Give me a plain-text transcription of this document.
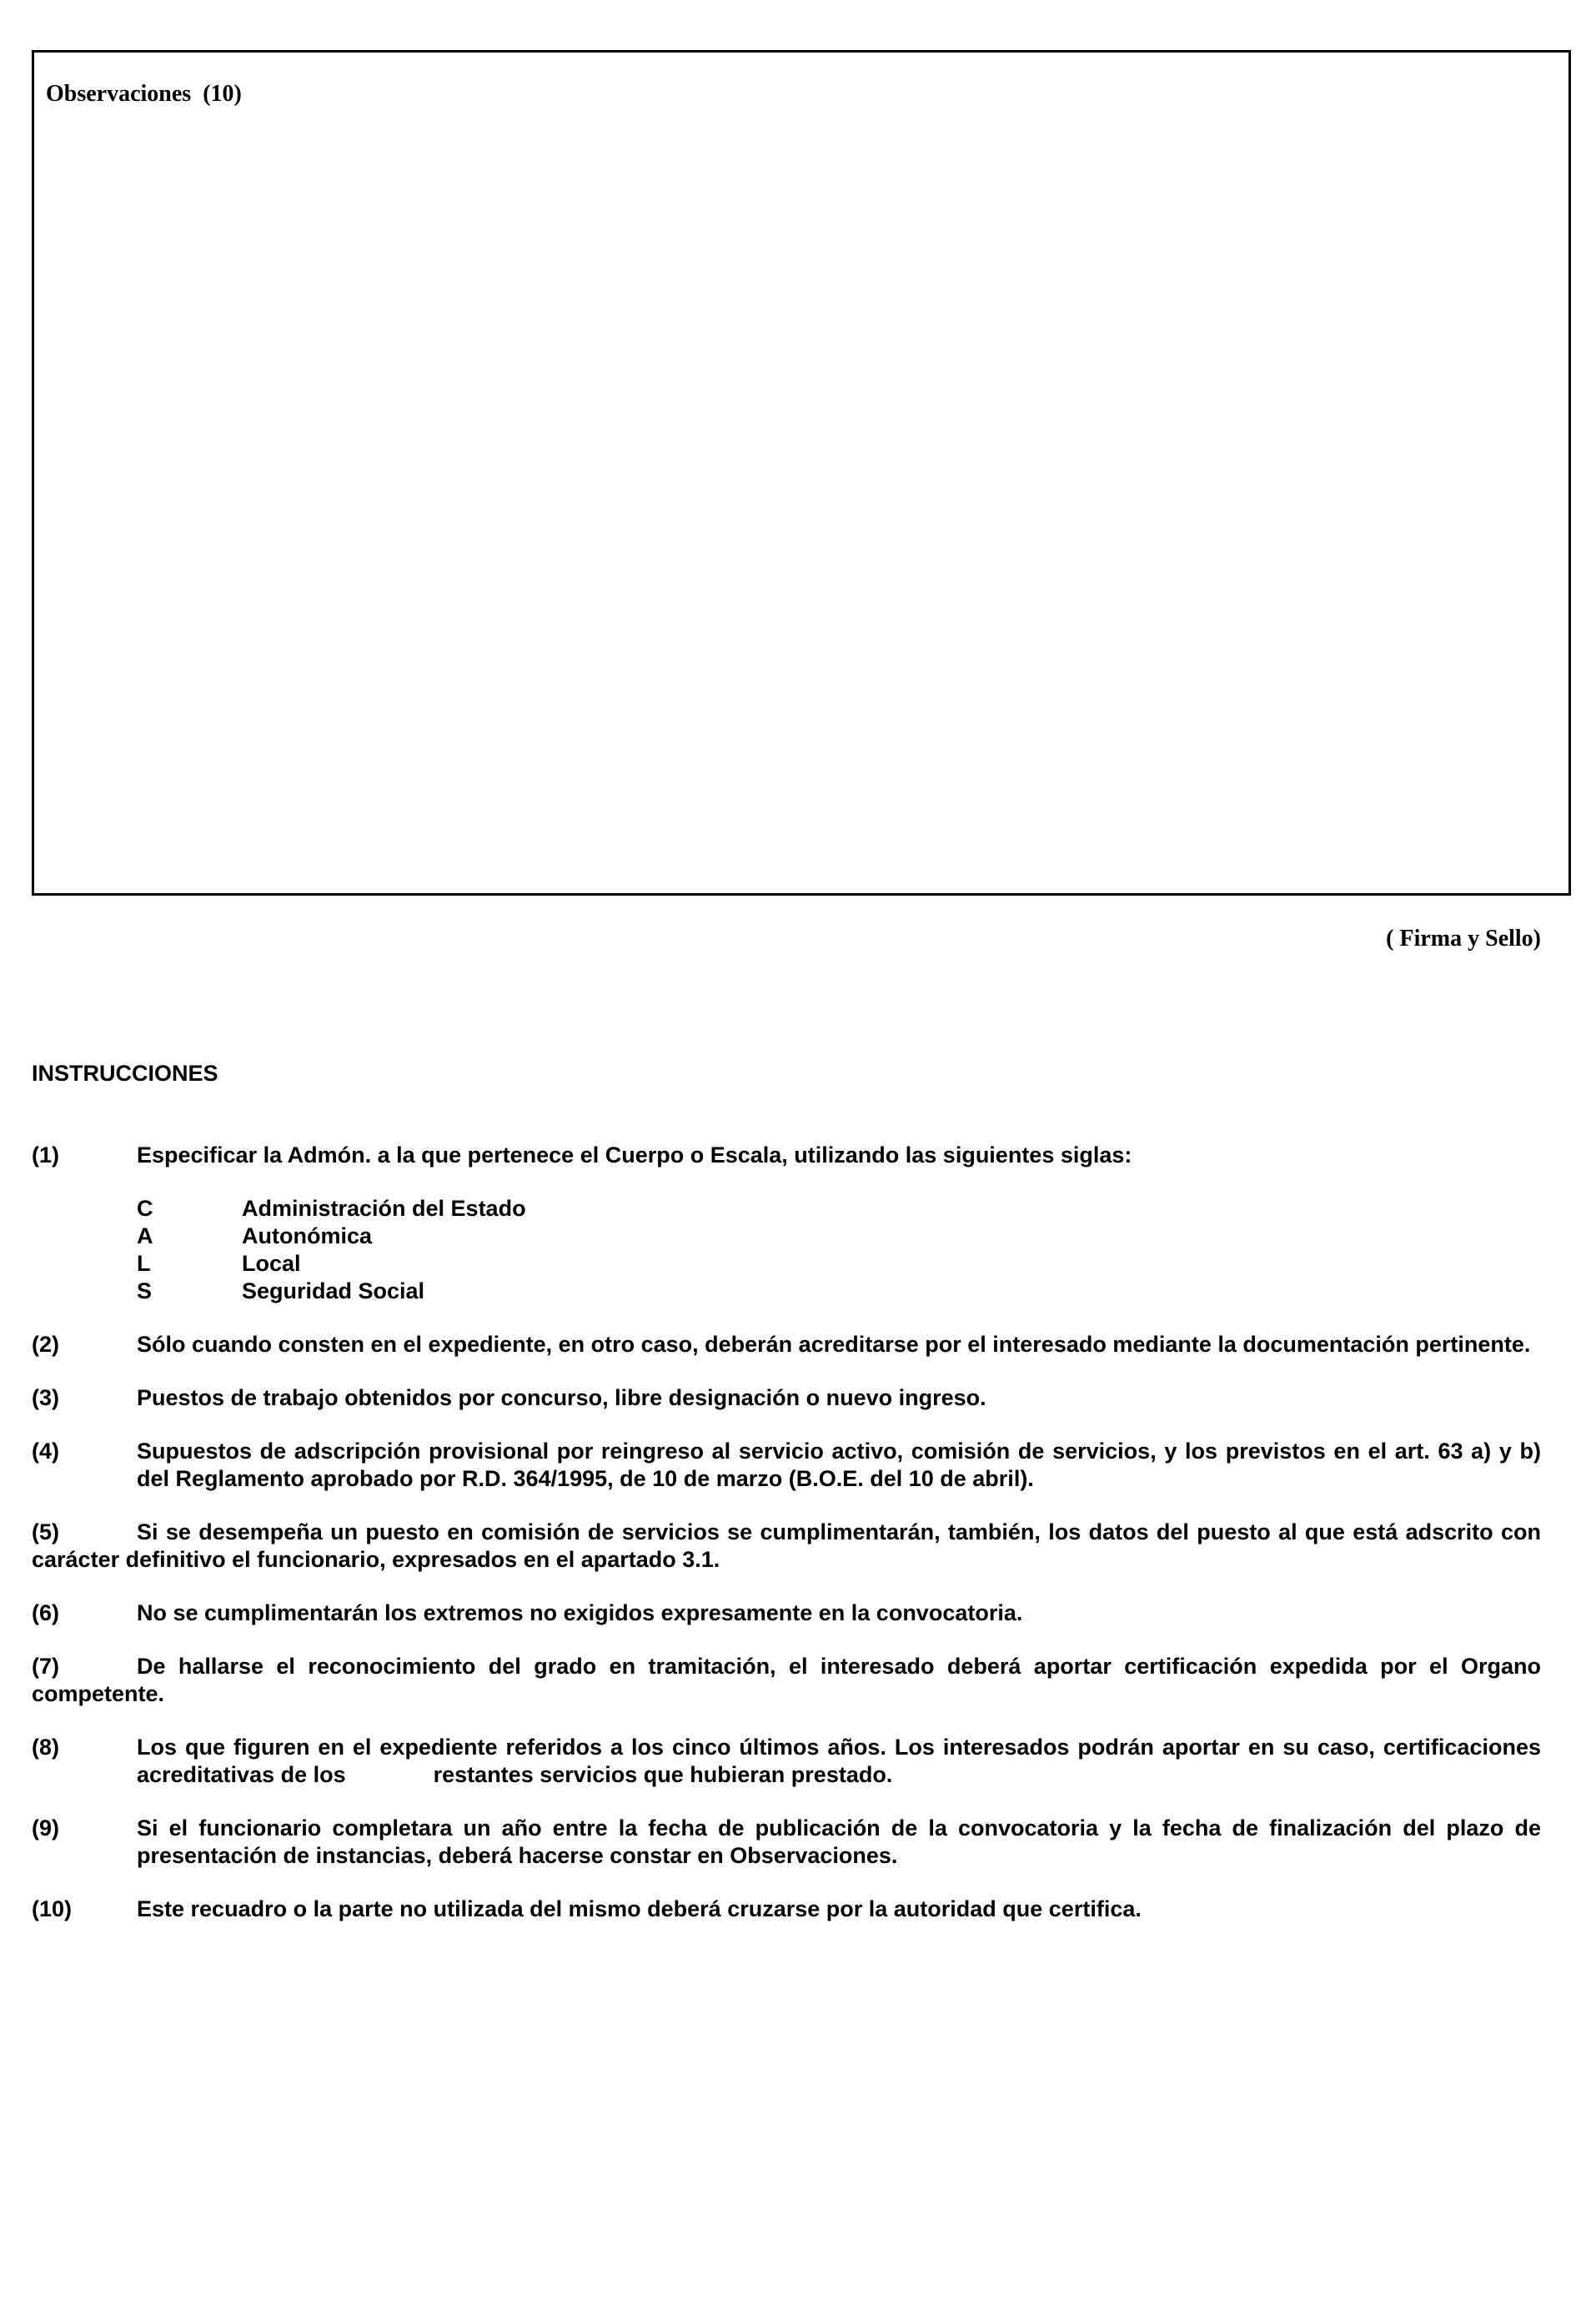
Observaciones  (10)
( Firma y Sello)
INSTRUCCIONES
(1)	Especificar la Admón. a la que pertenece el Cuerpo o Escala, utilizando las siguientes siglas:
C	Administración del Estado
A	Autonómica
L	Local
S	Seguridad Social
(2)	Sólo cuando consten en el expediente, en otro caso, deberán acreditarse por el interesado mediante la documentación pertinente.
(3)	Puestos de trabajo obtenidos por concurso, libre designación o nuevo ingreso.
(4)	Supuestos de adscripción provisional por reingreso al servicio activo, comisión de servicios, y los previstos en el art. 63 a) y b) del Reglamento aprobado por R.D. 364/1995, de 10 de marzo (B.O.E. del 10 de abril).
(5)	Si se desempeña un puesto en comisión de servicios se cumplimentarán, también, los datos del puesto al que está adscrito con carácter definitivo el funcionario, expresados en el apartado 3.1.
(6)	No se cumplimentarán los extremos no exigidos expresamente en la convocatoria.
(7)	De hallarse el reconocimiento del grado en tramitación, el interesado deberá aportar certificación expedida por el Organo competente.
(8)	Los que figuren en el expediente referidos a los cinco últimos años. Los interesados podrán aportar en su caso, certificaciones acreditativas de los              restantes servicios que hubieran prestado.
(9)	Si el funcionario completara un año entre la fecha de publicación de la convocatoria y la fecha de finalización del plazo de presentación de instancias, deberá hacerse constar en Observaciones.
(10)	Este recuadro o la parte no utilizada del mismo deberá cruzarse por la autoridad que certifica.
